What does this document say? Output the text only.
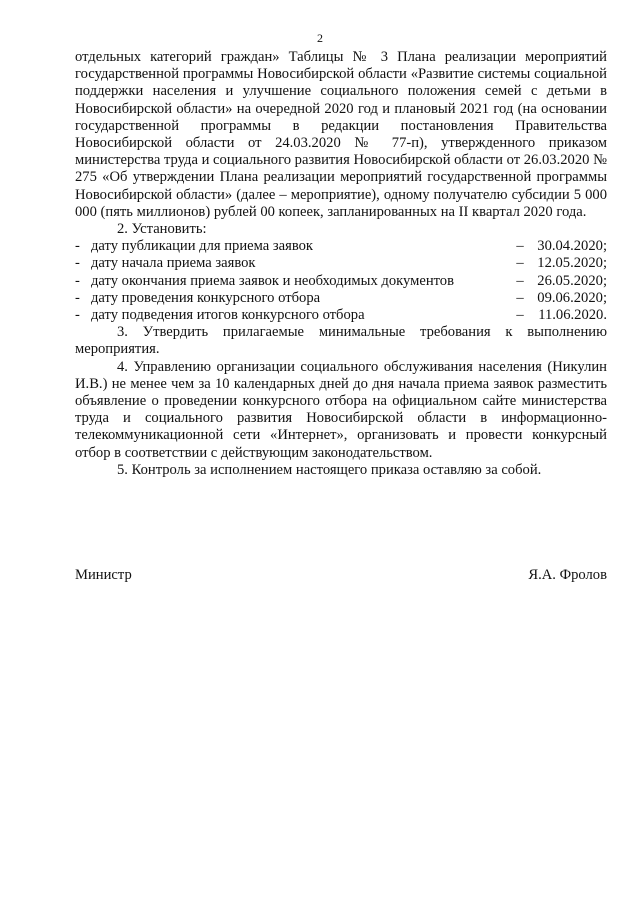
2

отдельных категорий граждан» Таблицы № 3 Плана реализации мероприятий государственной программы Новосибирской области «Развитие системы социальной поддержки населения и улучшение социального положения семей с детьми в Новосибирской области» на очередной 2020 год и плановый 2021 год (на основании государственной программы в редакции постановления Правительства Новосибирской области от 24.03.2020 № 77-п), утвержденного приказом министерства труда и социального развития Новосибирской области от 26.03.2020 № 275 «Об утверждении Плана реализации мероприятий государственной программы Новосибирской области» (далее – мероприятие), одному получателю субсидии 5 000 000 (пять миллионов) рублей 00 копеек, запланированных на II квартал 2020 года.

2. Установить:

- дату публикации для приема заявок	– 30.04.2020;
- дату начала приема заявок	– 12.05.2020;
- дату окончания приема заявок и необходимых документов	– 26.05.2020;
- дату проведения конкурсного отбора	– 09.06.2020;
- дату подведения итогов конкурсного отбора	– 11.06.2020.

3. Утвердить прилагаемые минимальные требования к выполнению мероприятия.

4. Управлению организации социального обслуживания населения (Никулин И.В.) не менее чем за 10 календарных дней до дня начала приема заявок разместить объявление о проведении конкурсного отбора на официальном сайте министерства труда и социального развития Новосибирской области в информационно-телекоммуникационной сети «Интернет», организовать и провести конкурсный отбор в соответствии с действующим законодательством.

5. Контроль за исполнением настоящего приказа оставляю за собой.

Министр	Я.А. Фролов
